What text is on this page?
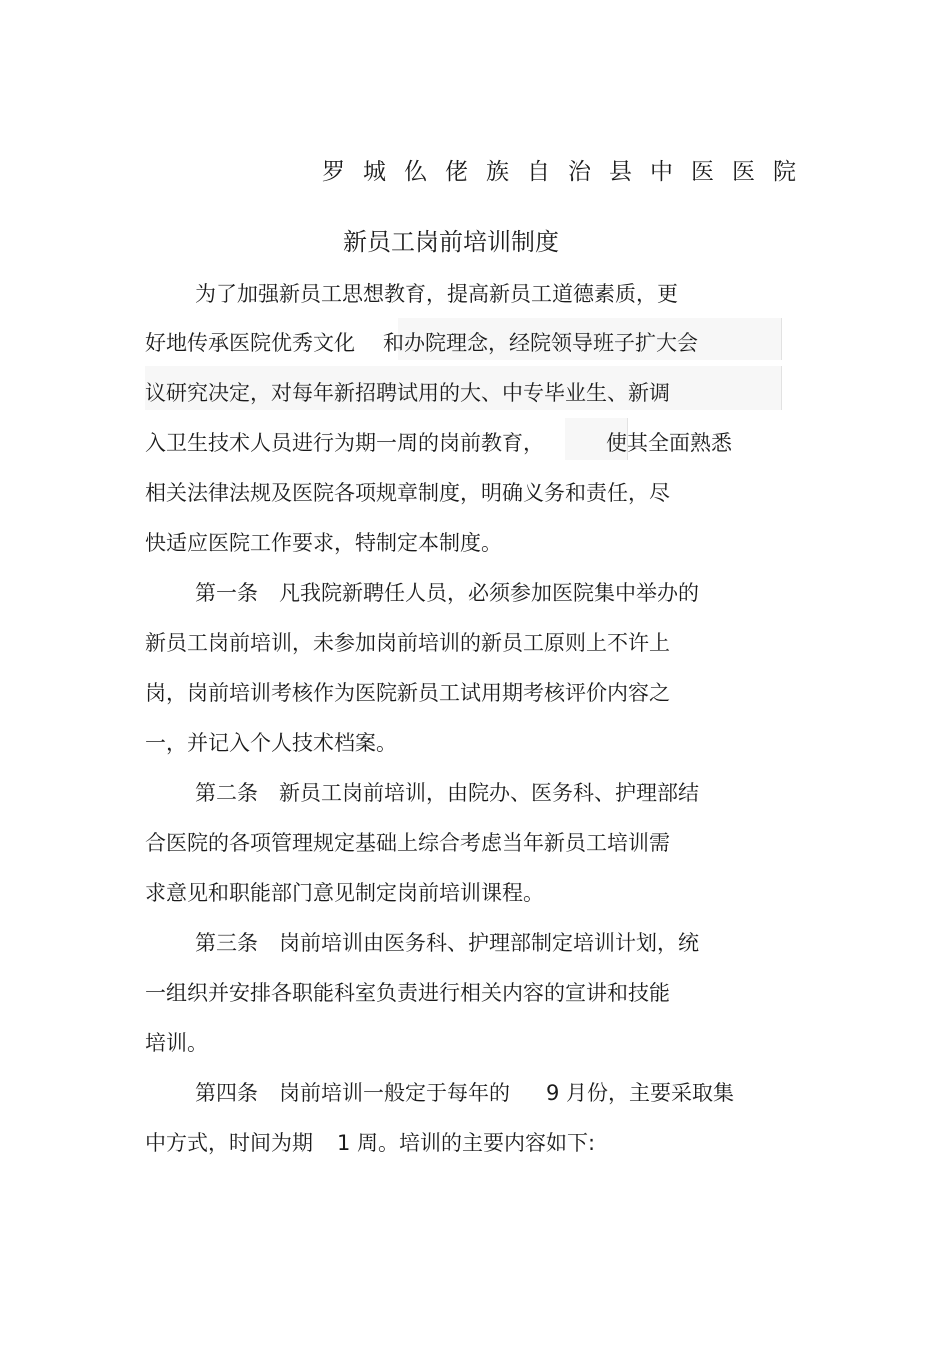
罗城仫佬族自治县中医医院
新员工岗前培训制度
为了加强新员工思想教育，提高新员工道德素质，更
好地传承医院优秀文化 和办院理念，经院领导班子扩大会
议研究决定，对每年新招聘试用的大、中专毕业生、新调
入卫生技术人员进行为期一周的岗前教育，	使其全面熟悉
相关法律法规及医院各项规章制度，明确义务和责任，尽
快适应医院工作要求，特制定本制度。
第一条　凡我院新聘任人员，必须参加医院集中举办的
新员工岗前培训，未参加岗前培训的新员工原则上不许上
岗，岗前培训考核作为医院新员工试用期考核评价内容之
一，并记入个人技术档案。
第二条　新员工岗前培训，由院办、医务科、护理部结
合医院的各项管理规定基础上综合考虑当年新员工培训需
求意见和职能部门意见制定岗前培训课程。
第三条　岗前培训由医务科、护理部制定培训计划，统
一组织并安排各职能科室负责进行相关内容的宣讲和技能
培训。
第四条　岗前培训一般定于每年的 9 月份，主要采取集
中方式，时间为期 1 周。培训的主要内容如下:
